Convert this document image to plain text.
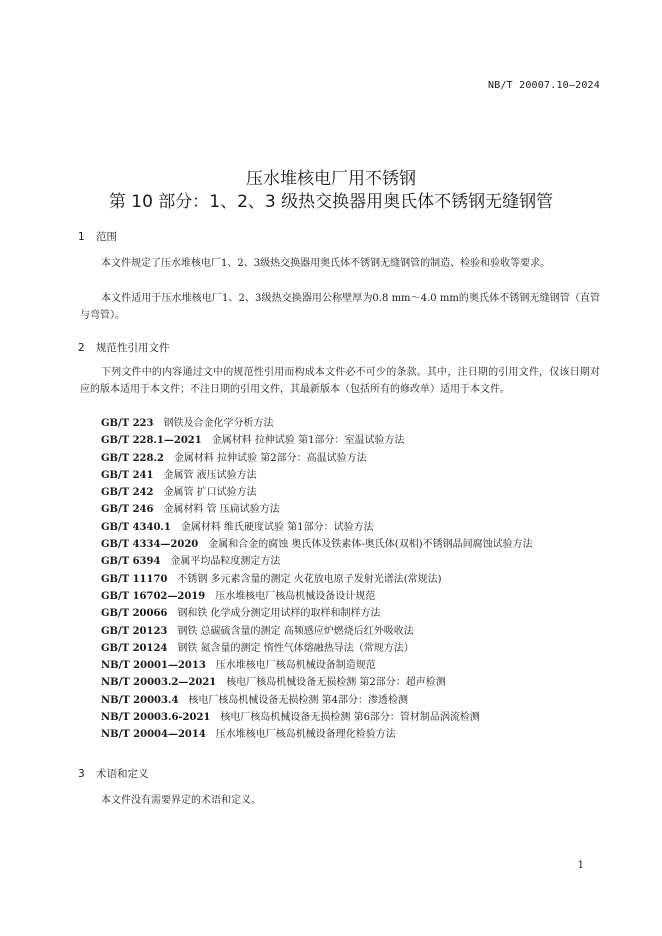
NB/T 20007.10—2024
压水堆核电厂用不锈钢
第 10 部分：1、2、3 级热交换器用奥氏体不锈钢无缝钢管
1 范围
本文件规定了压水堆核电厂1、2、3级热交换器用奥氏体不锈钢无缝钢管的制造、检验和验收等要求。
本文件适用于压水堆核电厂1、2、3级热交换器用公称壁厚为0.8 mm～4.0 mm的奥氏体不锈钢无缝钢管（直管与弯管）。
2 规范性引用文件
下列文件中的内容通过文中的规范性引用而构成本文件必不可少的条款。其中，注日期的引用文件，仅该日期对应的版本适用于本文件；不注日期的引用文件，其最新版本（包括所有的修改单）适用于本文件。
GB/T 223  钢铁及合金化学分析方法
GB/T 228.1—2021  金属材料 拉伸试验 第1部分：室温试验方法
GB/T 228.2  金属材料 拉伸试验 第2部分：高温试验方法
GB/T 241  金属管 液压试验方法
GB/T 242  金属管 扩口试验方法
GB/T 246  金属材料 管 压扁试验方法
GB/T 4340.1  金属材料 维氏硬度试验 第1部分：试验方法
GB/T 4334—2020  金属和合金的腐蚀 奥氏体及铁素体-奥氏体(双相)不锈钢晶间腐蚀试验方法
GB/T 6394  金属平均晶粒度测定方法
GB/T 11170  不锈钢 多元素含量的测定 火花放电原子发射光谱法(常规法)
GB/T 16702—2019  压水堆核电厂核岛机械设备设计规范
GB/T 20066  钢和铁 化学成分测定用试样的取样和制样方法
GB/T 20123  钢铁 总碳硫含量的测定 高频感应炉燃烧后红外吸收法
GB/T 20124  钢铁 氮含量的测定 惰性气体熔融热导法（常规方法）
NB/T 20001—2013  压水堆核电厂核岛机械设备制造规范
NB/T 20003.2—2021  核电厂核岛机械设备无损检测 第2部分：超声检测
NB/T 20003.4  核电厂核岛机械设备无损检测 第4部分：渗透检测
NB/T 20003.6-2021  核电厂核岛机械设备无损检测 第6部分：管材制品涡流检测
NB/T 20004—2014  压水堆核电厂核岛机械设备理化检验方法
3 术语和定义
本文件没有需要界定的术语和定义。
1
